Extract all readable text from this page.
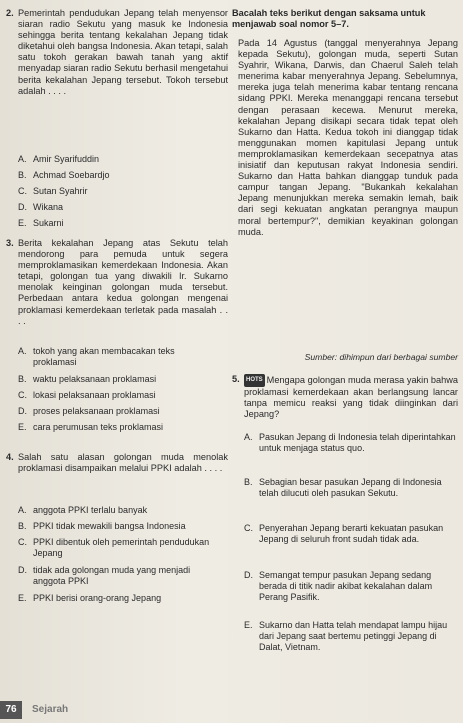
2. Pemerintah pendudukan Jepang telah menyensor siaran radio Sekutu yang masuk ke Indonesia sehingga berita tentang kekalahan Jepang tidak diketahui oleh bangsa Indonesia. Akan tetapi, salah satu tokoh gerakan bawah tanah yang aktif menyadap siaran radio Sekutu berhasil mengetahui berita kekalahan Jepang tersebut. Tokoh tersebut adalah . . . .
A. Amir Syarifuddin
B. Achmad Soebardjo
C. Sutan Syahrir
D. Wikana
E. Sukarni
3. Berita kekalahan Jepang atas Sekutu telah mendorong para pemuda untuk segera memproklamasikan kemerdekaan Indonesia. Akan tetapi, golongan tua yang diwakili Ir. Sukarno menolak keinginan golongan muda tersebut. Perbedaan antara kedua golongan mengenai proklamasi kemerdekaan terletak pada masalah . . . .
A. tokoh yang akan membacakan teks proklamasi
B. waktu pelaksanaan proklamasi
C. lokasi pelaksanaan proklamasi
D. proses pelaksanaan proklamasi
E. cara perumusan teks proklamasi
4. Salah satu alasan golongan muda menolak proklamasi disampaikan melalui PPKI adalah . . . .
A. anggota PPKI terlalu banyak
B. PPKI tidak mewakili bangsa Indonesia
C. PPKI dibentuk oleh pemerintah pendudukan Jepang
D. tidak ada golongan muda yang menjadi anggota PPKI
E. PPKI berisi orang-orang Jepang
Bacalah teks berikut dengan saksama untuk menjawab soal nomor 5–7.
Pada 14 Agustus (tanggal menyerahnya Jepang kepada Sekutu), golongan muda, seperti Sutan Syahrir, Wikana, Darwis, dan Chaerul Saleh telah menerima kabar menyerahnya Jepang. Sebelumnya, mereka juga telah menerima kabar tentang rencana sidang PPKI. Mereka menanggapi rencana tersebut dengan perasaan kecewa. Menurut mereka, kekalahan Jepang disikapi secara tidak tepat oleh Sukarno dan Hatta. Kedua tokoh ini dianggap tidak menggunakan momen kapitulasi Jepang untuk memproklamasikan kemerdekaan secepatnya atas inisiatif dan keputusan rakyat Indonesia sendiri. Sukarno dan Hatta bahkan dianggap tunduk pada campur tangan Jepang. "Bukankah kekalahan Jepang menunjukkan mereka semakin lemah, baik dari segi kekuatan angkatan perangnya maupun moral bertempur?", demikian keyakinan golongan muda.
Sumber: dihimpun dari berbagai sumber
5.	HOTS Mengapa golongan muda merasa yakin bahwa proklamasi kemerdekaan akan berlangsung lancar tanpa memicu reaksi yang tidak diinginkan dari Jepang?
A. Pasukan Jepang di Indonesia telah diperintahkan untuk menjaga status quo.
B. Sebagian besar pasukan Jepang di Indonesia telah dilucuti oleh pasukan Sekutu.
C. Penyerahan Jepang berarti kekuatan pasukan Jepang di seluruh front sudah tidak ada.
D. Semangat tempur pasukan Jepang sedang berada di titik nadir akibat kekalahan dalam Perang Pasifik.
E. Sukarno dan Hatta telah mendapat lampu hijau dari Jepang saat bertemu petinggi Jepang di Dalat, Vietnam.
76	Sejarah
